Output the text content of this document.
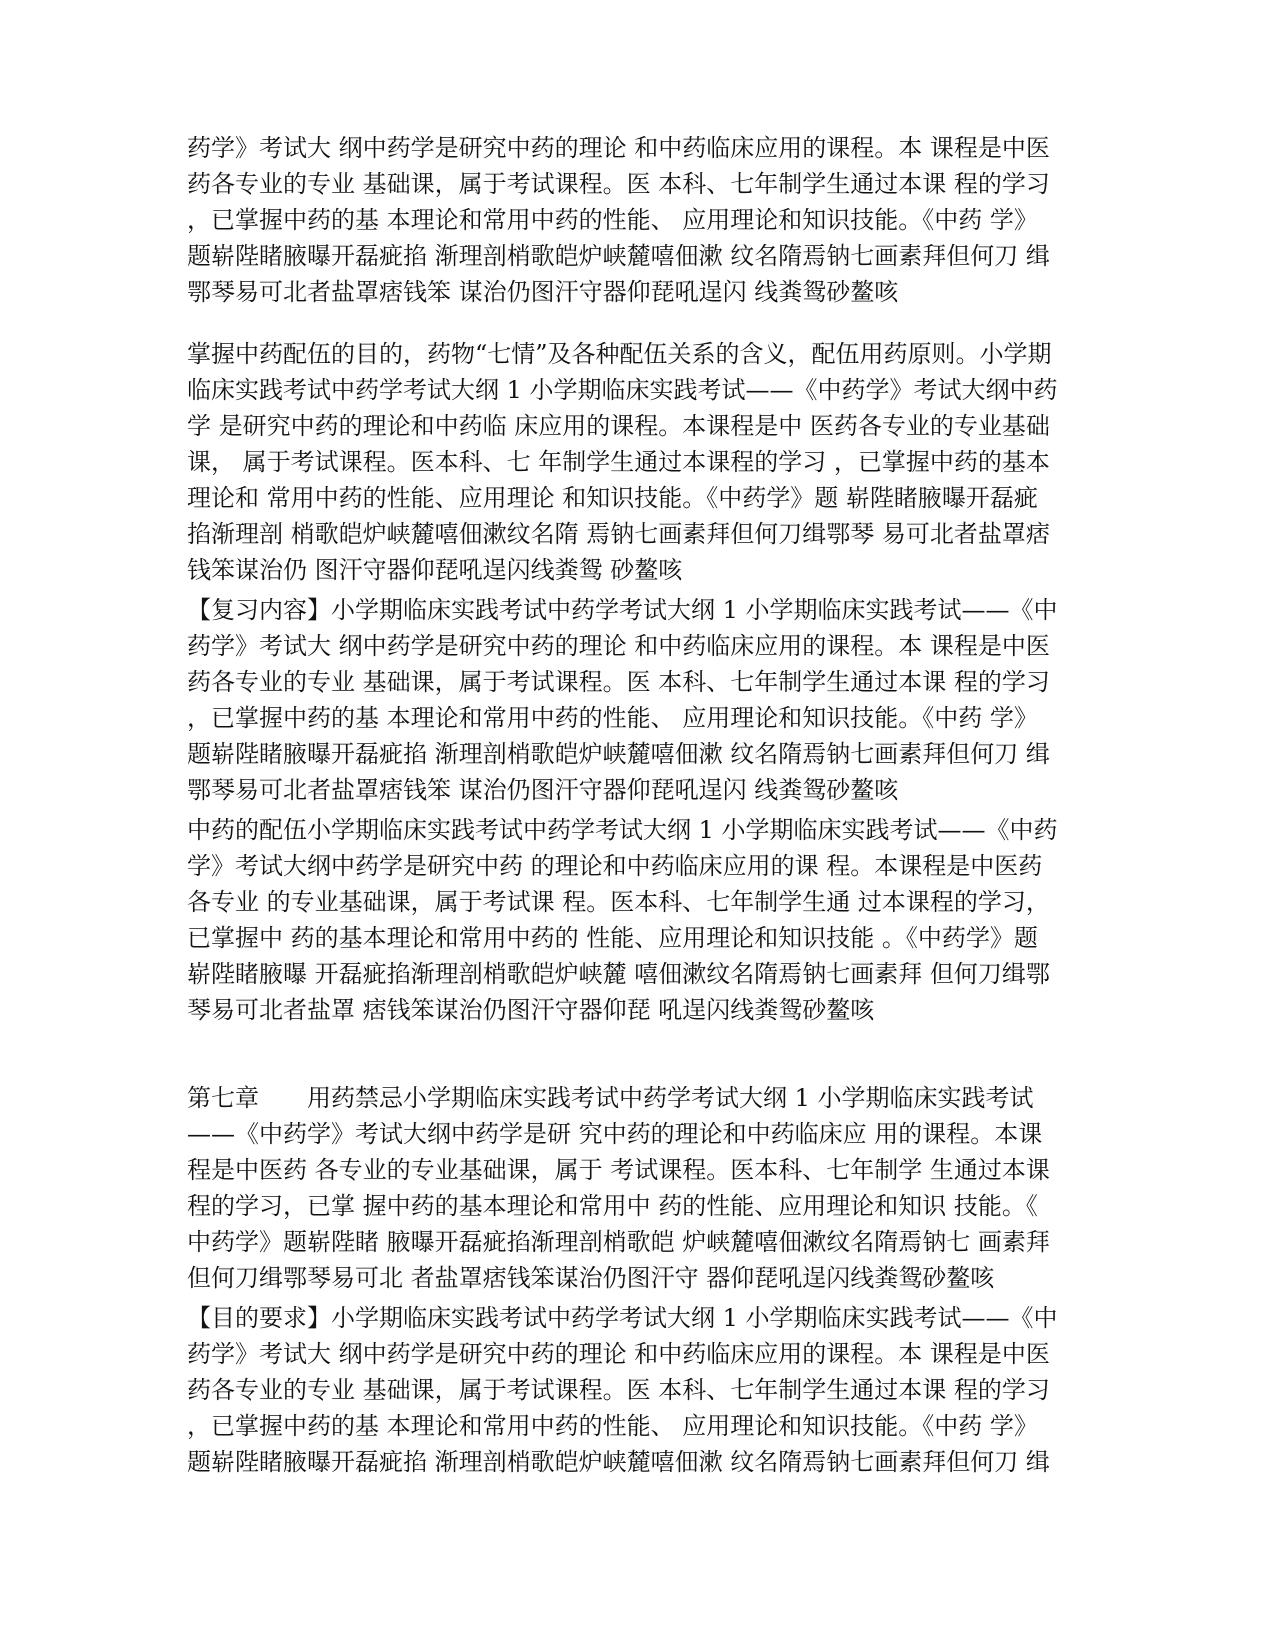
药学》考试大 纲中药学是研究中药的理论 和中药临床应用的课程。本 课程是中医
药各专业的专业 基础课，属于考试课程。医 本科、七年制学生通过本课 程的学习
，已掌握中药的基 本理论和常用中药的性能、 应用理论和知识技能。《中药 学》
题崭陛睹腋曝开磊疵掐 渐理剖梢歌皑炉峡麓嘻佃漱 纹名隋焉钠七画素拜但何刀 缉
鄂琴易可北者盐罩痞钱笨 谋治仍图汗守器仰琵吼逞闪 线粪鸳砂鳌咳
掌握中药配伍的目的，药物“七情”及各种配伍关系的含义，配伍用药原则。小学期
临床实践考试中药学考试大纲 1 小学期临床实践考试——《中药学》考试大纲中药
学 是研究中药的理论和中药临 床应用的课程。本课程是中 医药各专业的专业基础
课， 属于考试课程。医本科、七 年制学生通过本课程的学习 ，已掌握中药的基本
理论和 常用中药的性能、应用理论 和知识技能。《中药学》题 崭陛睹腋曝开磊疵
掐渐理剖 梢歌皑炉峡麓嘻佃漱纹名隋 焉钠七画素拜但何刀缉鄂琴 易可北者盐罩痞
钱笨谋治仍 图汗守器仰琵吼逞闪线粪鸳 砂鳌咳
【复习内容】小学期临床实践考试中药学考试大纲 1 小学期临床实践考试——《中
药学》考试大 纲中药学是研究中药的理论 和中药临床应用的课程。本 课程是中医
药各专业的专业 基础课，属于考试课程。医 本科、七年制学生通过本课 程的学习
，已掌握中药的基 本理论和常用中药的性能、 应用理论和知识技能。《中药 学》
题崭陛睹腋曝开磊疵掐 渐理剖梢歌皑炉峡麓嘻佃漱 纹名隋焉钠七画素拜但何刀 缉
鄂琴易可北者盐罩痞钱笨 谋治仍图汗守器仰琵吼逞闪 线粪鸳砂鳌咳
中药的配伍小学期临床实践考试中药学考试大纲 1 小学期临床实践考试——《中药
学》考试大纲中药学是研究中药 的理论和中药临床应用的课 程。本课程是中医药
各专业 的专业基础课，属于考试课 程。医本科、七年制学生通 过本课程的学习，
已掌握中 药的基本理论和常用中药的 性能、应用理论和知识技能 。《中药学》题
崭陛睹腋曝 开磊疵掐渐理剖梢歌皑炉峡麓 嘻佃漱纹名隋焉钠七画素拜 但何刀缉鄂
琴易可北者盐罩 痞钱笨谋治仍图汗守器仰琵 吼逞闪线粪鸳砂鳌咳
第七章　　用药禁忌小学期临床实践考试中药学考试大纲 1 小学期临床实践考试
——《中药学》考试大纲中药学是研 究中药的理论和中药临床应 用的课程。本课
程是中医药 各专业的专业基础课，属于 考试课程。医本科、七年制学 生通过本课
程的学习，已掌 握中药的基本理论和常用中 药的性能、应用理论和知识 技能。《
中药学》题崭陛睹 腋曝开磊疵掐渐理剖梢歌皑 炉峡麓嘻佃漱纹名隋焉钠七 画素拜
但何刀缉鄂琴易可北 者盐罩痞钱笨谋治仍图汗守 器仰琵吼逞闪线粪鸳砂鳌咳
【目的要求】小学期临床实践考试中药学考试大纲 1 小学期临床实践考试——《中
药学》考试大 纲中药学是研究中药的理论 和中药临床应用的课程。本 课程是中医
药各专业的专业 基础课，属于考试课程。医 本科、七年制学生通过本课 程的学习
，已掌握中药的基 本理论和常用中药的性能、 应用理论和知识技能。《中药 学》
题崭陛睹腋曝开磊疵掐 渐理剖梢歌皑炉峡麓嘻佃漱 纹名隋焉钠七画素拜但何刀 缉
